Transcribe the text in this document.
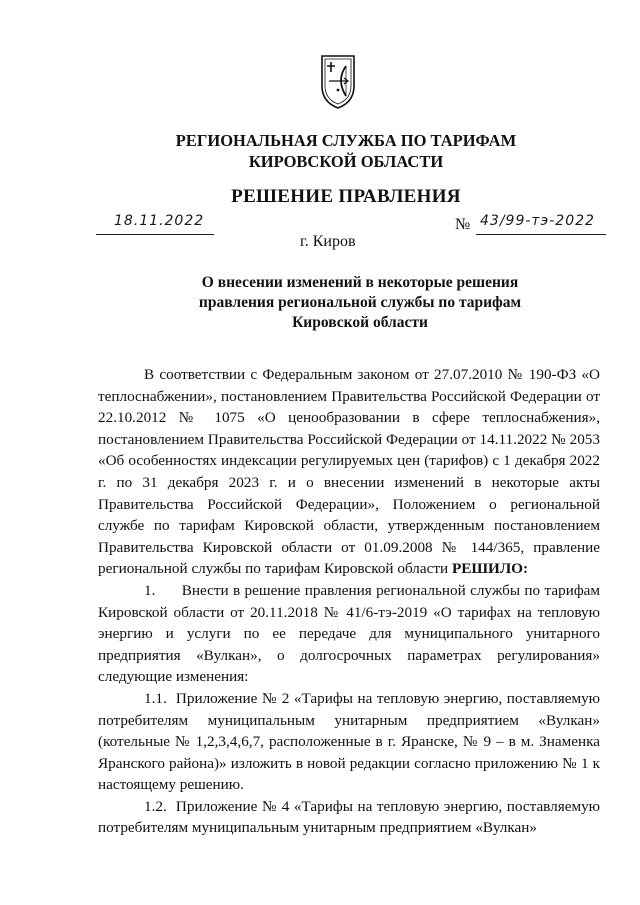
РЕГИОНАЛЬНАЯ СЛУЖБА ПО ТАРИФАМ
КИРОВСКОЙ ОБЛАСТИ
РЕШЕНИЕ ПРАВЛЕНИЯ
18.11.2022	№ 43/99-тэ-2022
г. Киров
О внесении изменений в некоторые решения
правления региональной службы по тарифам
Кировской области

В соответствии с Федеральным законом от 27.07.2010 № 190-ФЗ «О теплоснабжении», постановлением Правительства Российской Федерации от 22.10.2012 № 1075 «О ценообразовании в сфере теплоснабжения», постановлением Правительства Российской Федерации от 14.11.2022 № 2053 «Об особенностях индексации регулируемых цен (тарифов) с 1 декабря 2022 г. по 31 декабря 2023 г. и о внесении изменений в некоторые акты Правительства Российской Федерации», Положением о региональной службе по тарифам Кировской области, утвержденным постановлением Правительства Кировской области от 01.09.2008 № 144/365, правление региональной службы по тарифам Кировской области РЕШИЛО:

1. Внести в решение правления региональной службы по тарифам Кировской области от 20.11.2018 № 41/6-тэ-2019 «О тарифах на тепловую энергию и услуги по ее передаче для муниципального унитарного предприятия «Вулкан», о долгосрочных параметрах регулирования» следующие изменения:

1.1. Приложение № 2 «Тарифы на тепловую энергию, поставляемую потребителям муниципальным унитарным предприятием «Вулкан» (котельные № 1,2,3,4,6,7, расположенные в г. Яранске, № 9 – в м. Знаменка Яранского района)» изложить в новой редакции согласно приложению № 1 к настоящему решению.

1.2. Приложение № 4 «Тарифы на тепловую энергию, поставляемую потребителям муниципальным унитарным предприятием «Вулкан»
